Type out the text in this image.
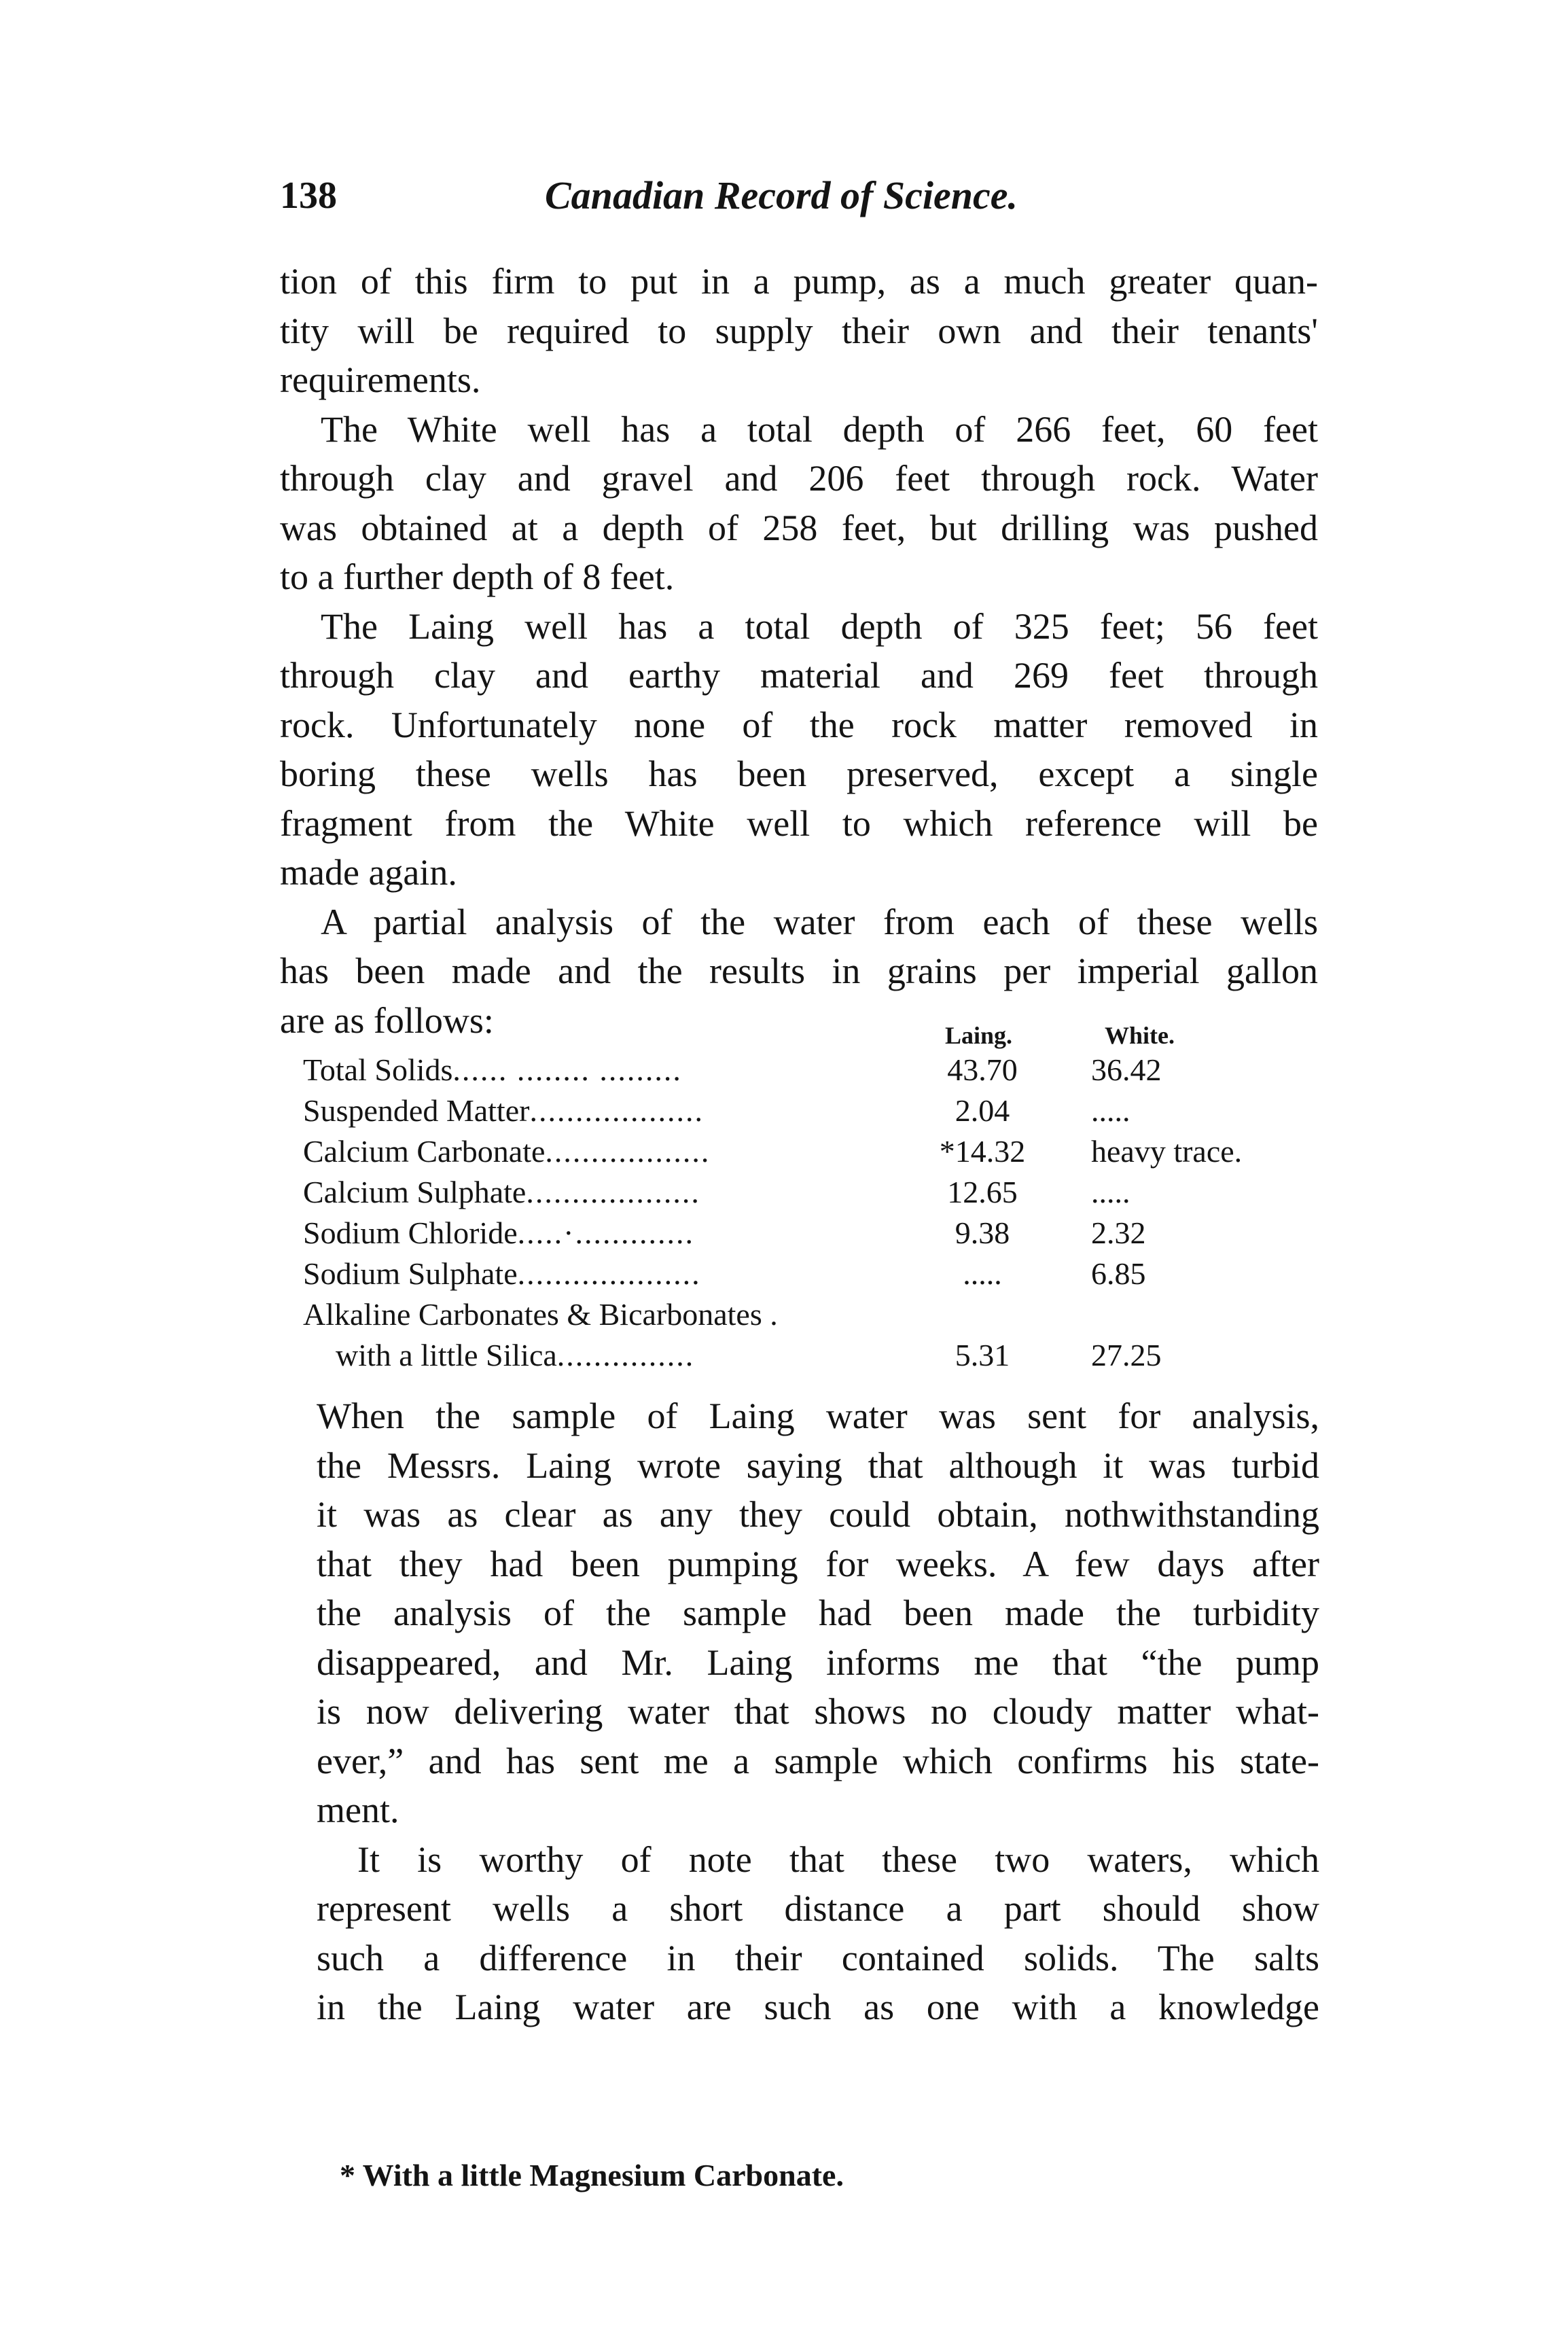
138	Canadian Record of Science.
tion of this firm to put in a pump, as a much greater quan-
tity will be required to supply their own and their tenants'
requirements.
The White well has a total depth of 266 feet, 60 feet
through clay and gravel and 206 feet through rock. Water
was obtained at a depth of 258 feet, but drilling was pushed
to a further depth of 8 feet.
The Laing well has a total depth of 325 feet; 56 feet
through clay and earthy material and 269 feet through
rock. Unfortunately none of the rock matter removed in
boring these wells has been preserved, except a single
fragment from the White well to which reference will be
made again.
A partial analysis of the water from each of these wells
has been made and the results in grains per imperial gallon
are as follows:	Laing.	White.
Total Solids...... ........ .........	43.70	36.42
Suspended Matter...................	2.04	.....
Calcium Carbonate..................	*14.32 heavy trace.
Calcium Sulphate...................	12.65	.....
Sodium Chloride.....·.............	9.38	2.32
Sodium Sulphate....................	.....	6.85
Alkaline Carbonates & Bicarbonates .
with a little Silica...............	5.31	27.25
When the sample of Laing water was sent for analysis,
the Messrs. Laing wrote saying that although it was turbid
it was as clear as any they could obtain, nothwithstanding
that they had been pumping for weeks. A few days after
the analysis of the sample had been made the turbidity
disappeared, and Mr. Laing informs me that “the pump
is now delivering water that shows no cloudy matter what-
ever,” and has sent me a sample which confirms his state-
ment.
It is worthy of note that these two waters, which
represent wells a short distance a part should show
such a difference in their contained solids. The salts
in the Laing water are such as one with a knowledge
* With a little Magnesium Carbonate.
